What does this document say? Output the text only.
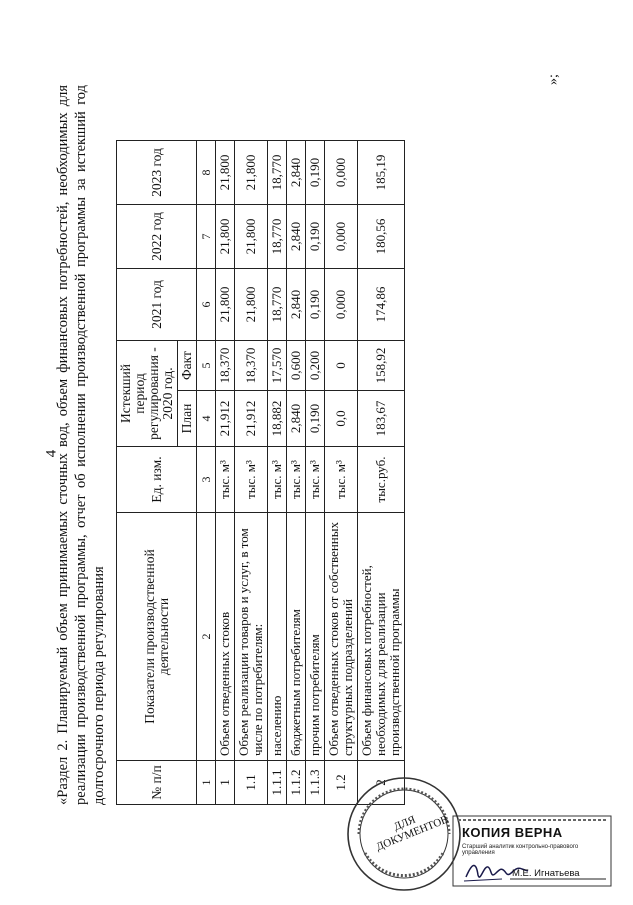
4
«Раздел 2. Планируемый объем принимаемых сточных вод, объем финансовых потребностей, необходимых для реализации производственной программы, отчет об исполнении производственной программы за истекший год долгосрочного периода регулирования	№ п/п	Показатели производственной деятельности	Ед. изм.	Истекший период регулирования - 2020 год.		2021 год	2022 год	2023 год
			План	Факт			
1	2	3	4	5	6	7	8
1	Объем отведенных стоков	тыс. м³	21,912	18,370	21,800	21,800	21,800
1.1	Объем реализации товаров и услуг, в том числе по потребителям:	тыс. м³	21,912	18,370	21,800	21,800	21,800
1.1.1	населению	тыс. м³	18,882	17,570	18,770	18,770	18,770
1.1.2	бюджетным потребителям	тыс. м³	2,840	0,600	2,840	2,840	2,840
1.1.3	прочим потребителям	тыс. м³	0,190	0,200	0,190	0,190	0,190
1.2	Объем отведенных стоков от собственных структурных подразделений	тыс. м³	0,0	0	0,000	0,000	0,000
2	Объем финансовых потребностей, необходимых для реализации производственной программы	тыс.руб.	183,67	158,92	174,86	180,56	185,19
»;
ДЛЯ ДОКУМЕНТОВ КОПИЯ ВЕРНА
Старший аналитик контрольно-правового управления
М.Е. Игнатьева
